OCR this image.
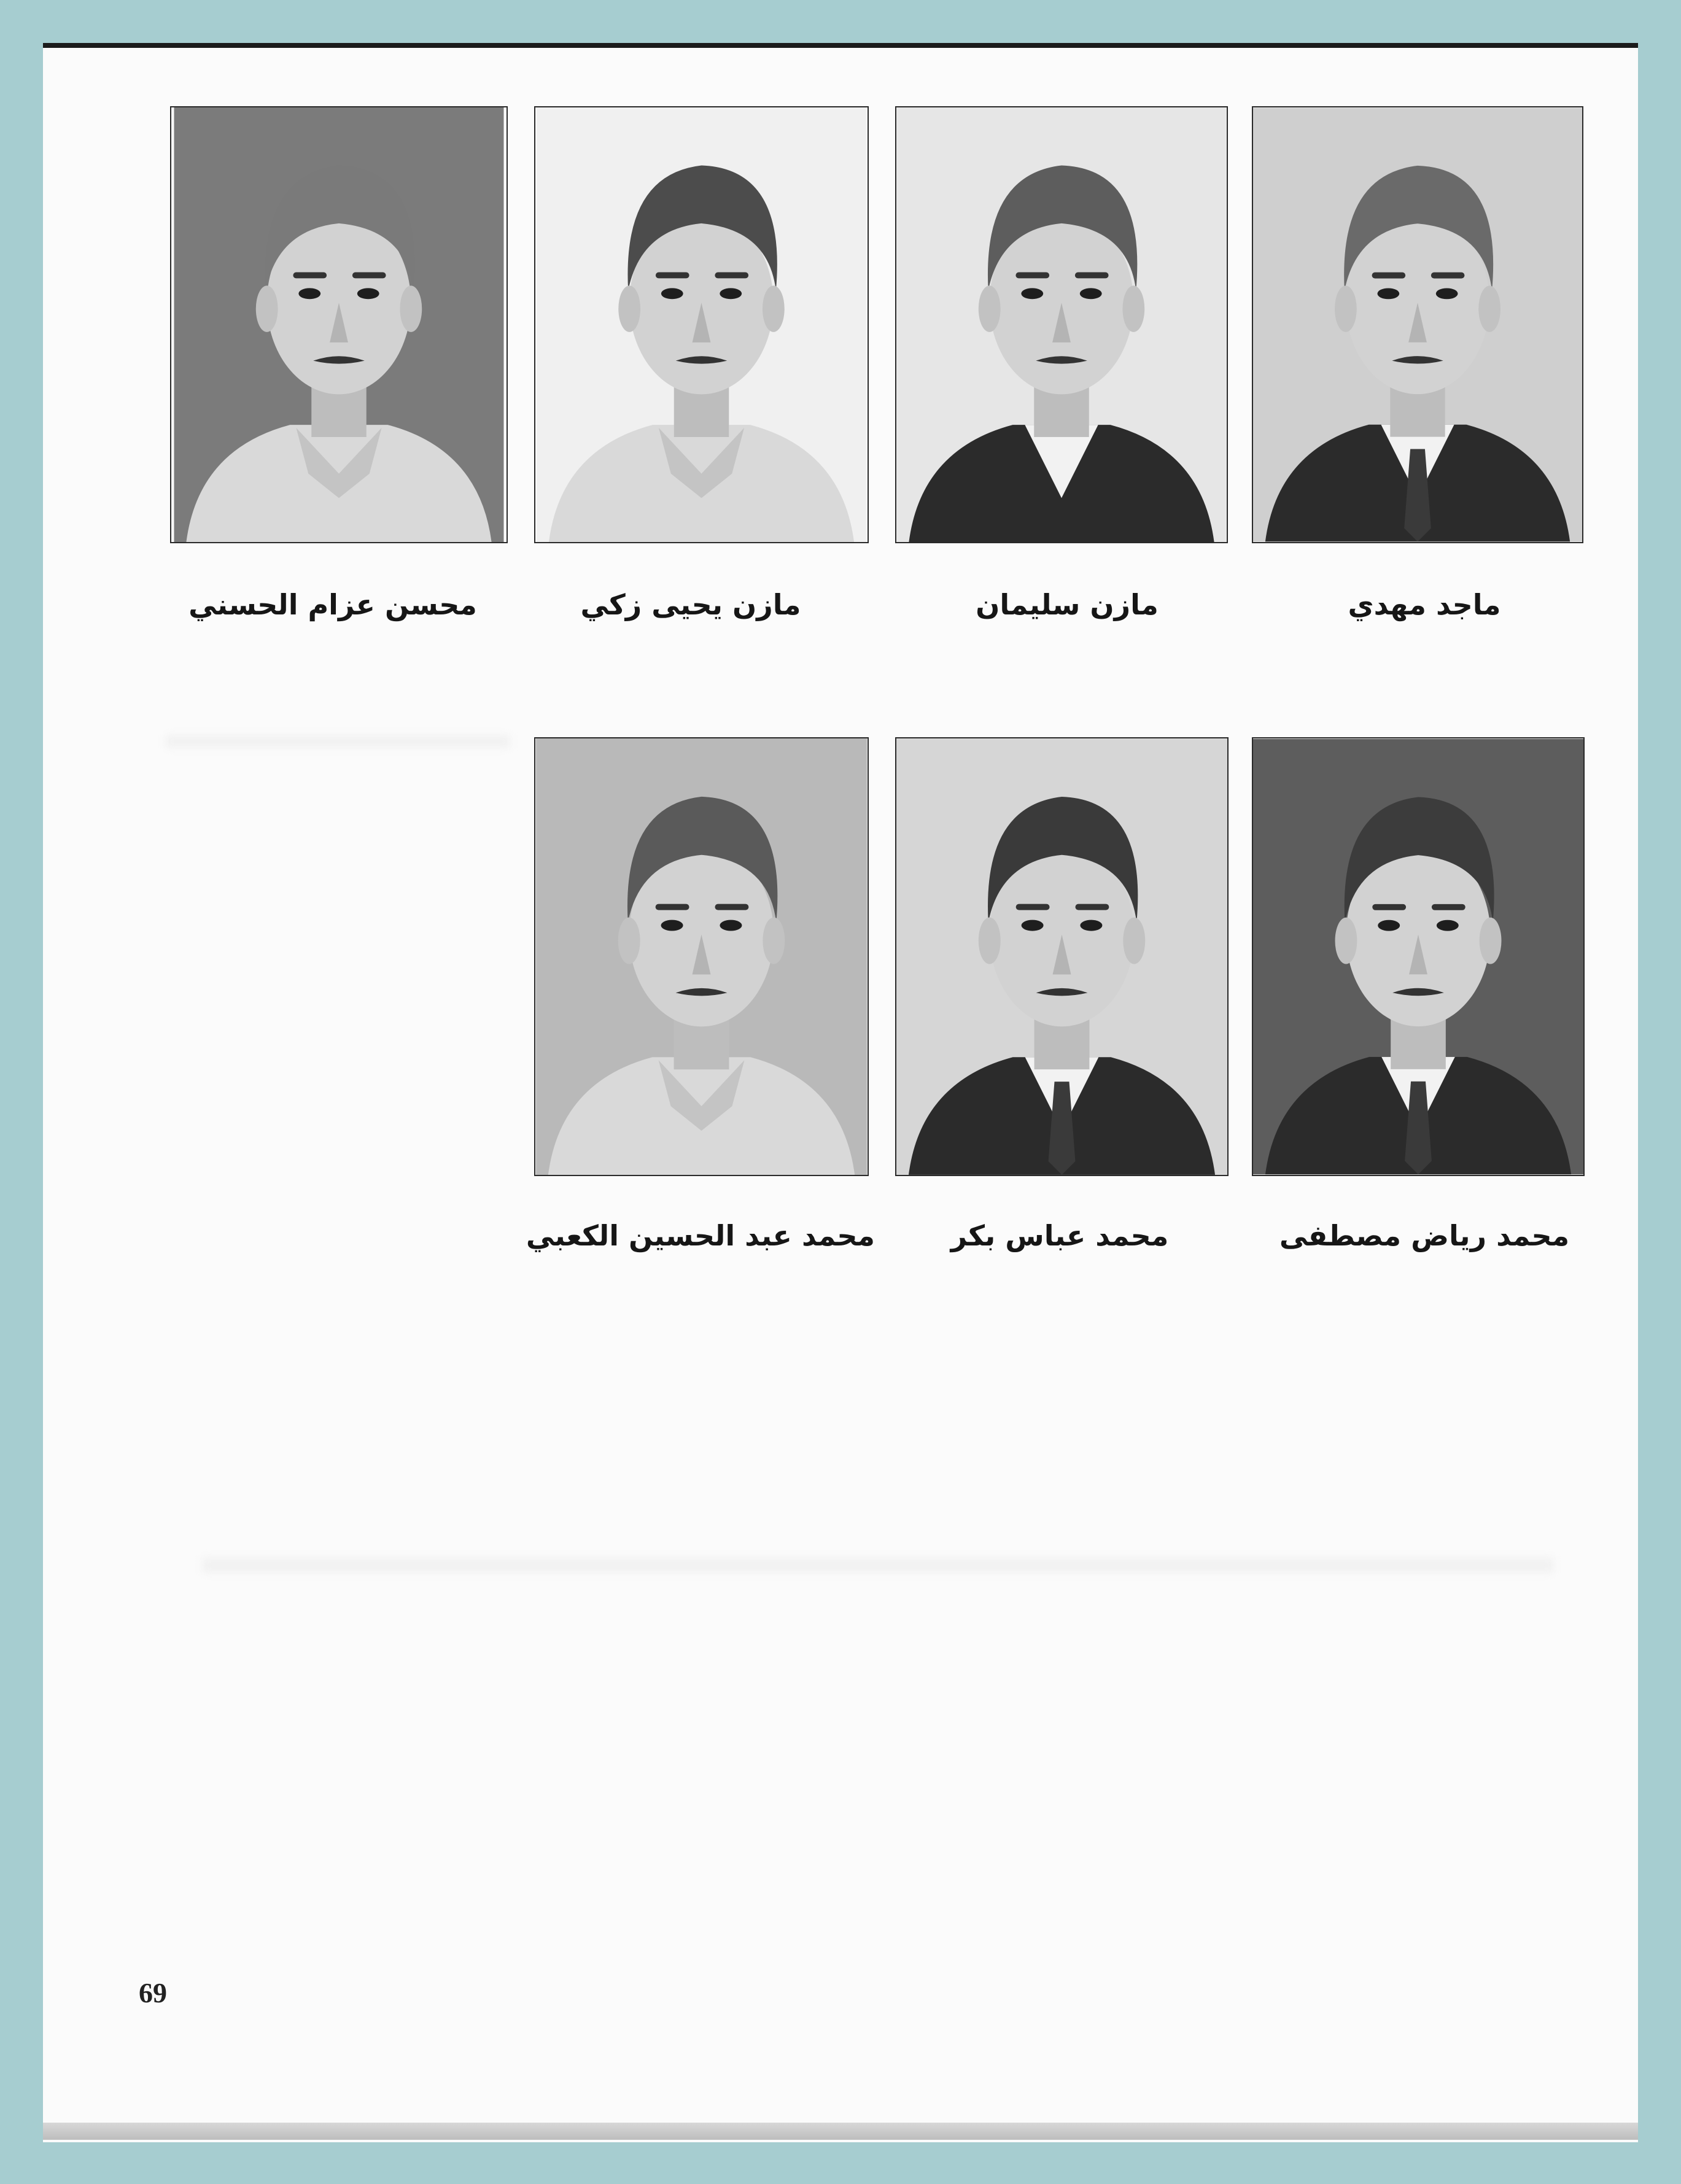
ماجد مهدي
مازن سليمان
مازن يحيى زكي
محسن عزام الحسني
محمد رياض مصطفى
محمد عباس بكر
محمد عبد الحسين الكعبي
69
